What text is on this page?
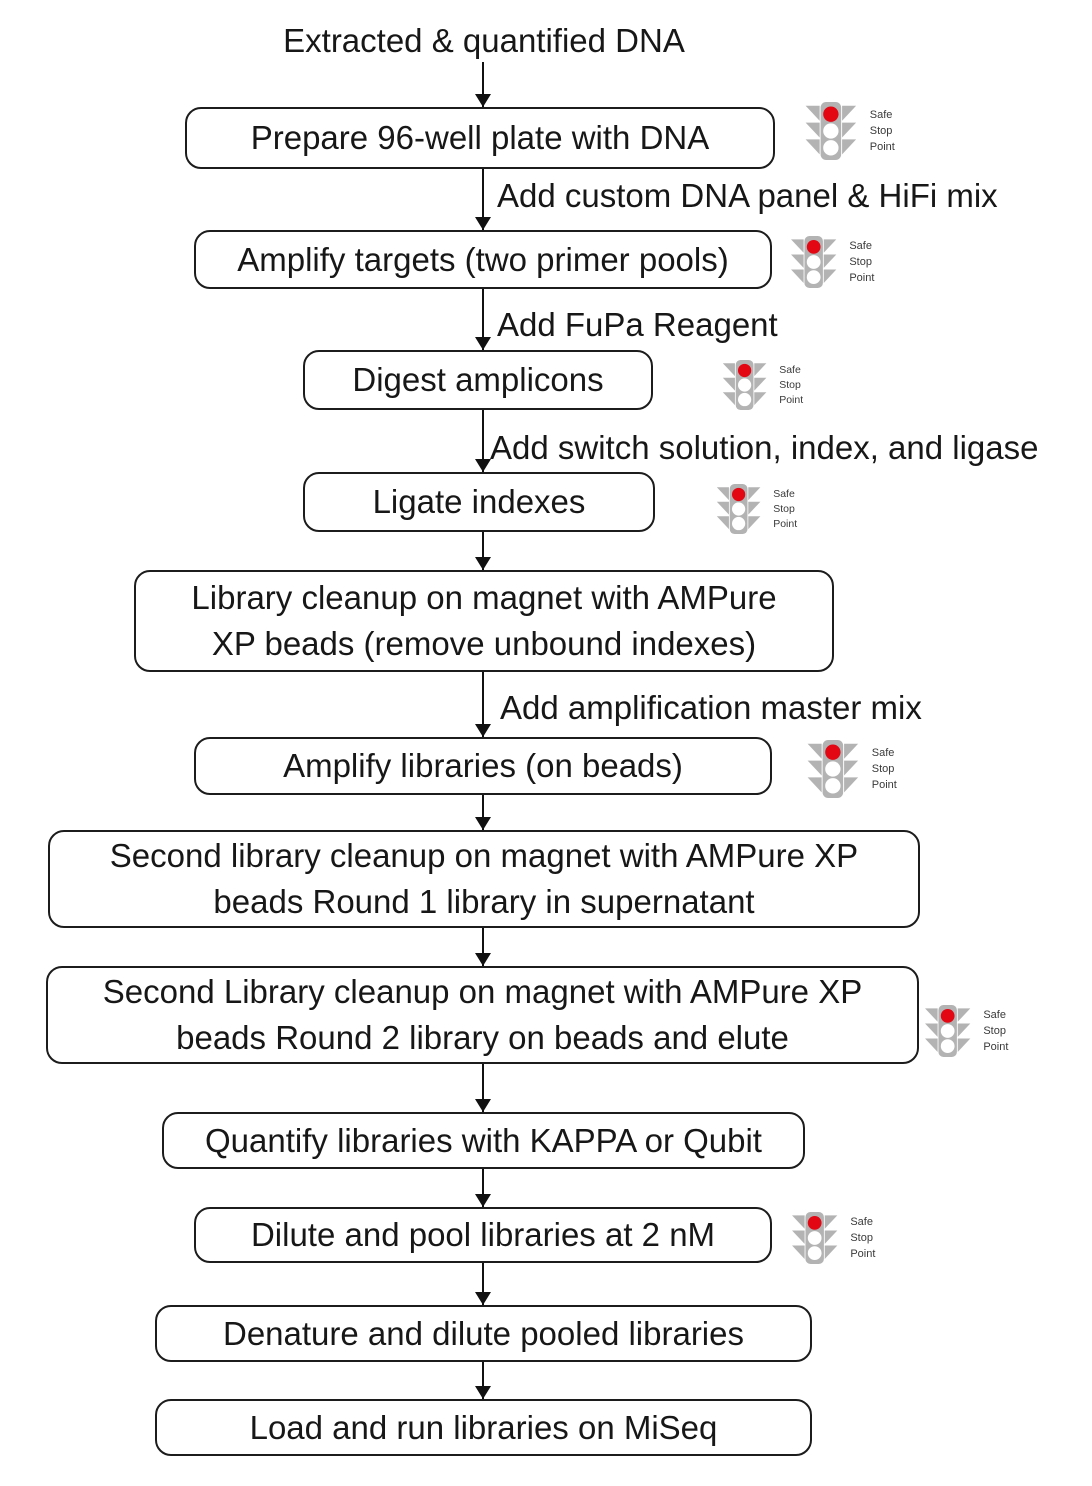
Extracted & quantified DNA
Add custom DNA panel & HiFi mix
Add FuPa Reagent
Add switch solution, index, and ligase
Add amplification master mix
Prepare 96-well plate with DNA
Amplify targets (two primer pools)
Digest amplicons
Ligate indexes
Library cleanup on magnet with AMPure
XP beads (remove unbound indexes)
Amplify libraries (on beads)
Second library cleanup on magnet with AMPure XP
beads Round 1 library in supernatant
Second Library cleanup on magnet with AMPure XP
beads Round 2 library on beads and elute
Quantify libraries with KAPPA or Qubit
Dilute and pool libraries at 2 nM
Denature and dilute pooled libraries
Load and run libraries on MiSeq
Safe
Stop
Point
Safe
Stop
Point
Safe
Stop
Point
Safe
Stop
Point
Safe
Stop
Point
Safe
Stop
Point
Safe
Stop
Point
